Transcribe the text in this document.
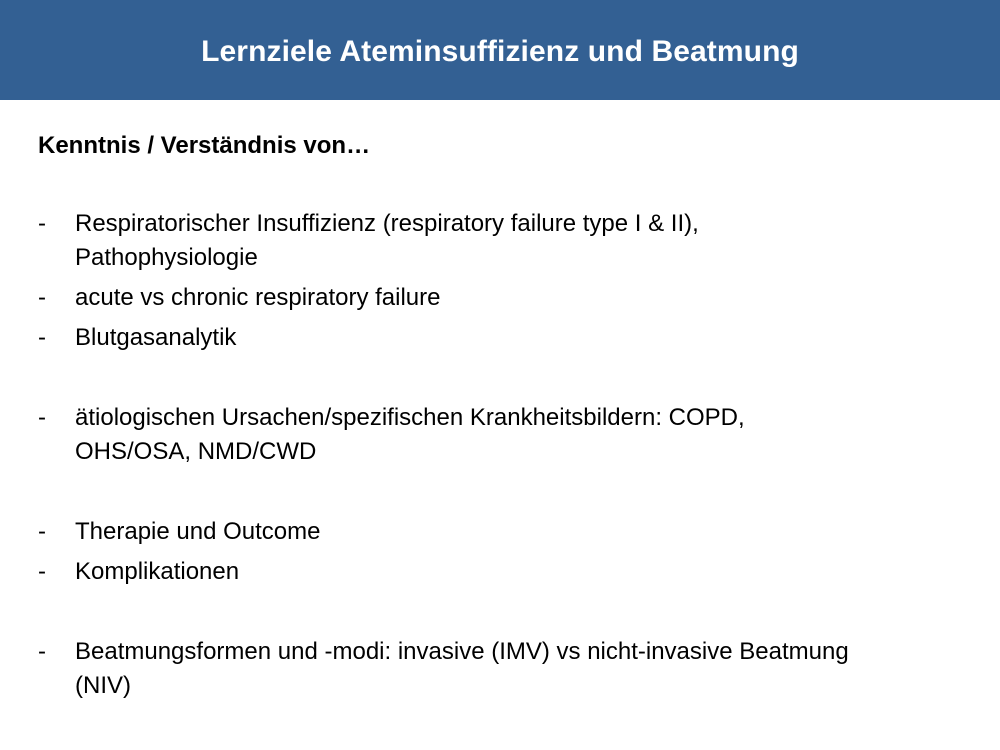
Lernziele Ateminsuffizienz und Beatmung

Kenntnis / Verständnis von…

- Respiratorischer Insuffizienz (respiratory failure type I & II), Pathophysiologie
- acute vs chronic respiratory failure
- Blutgasanalytik
- ätiologischen Ursachen/spezifischen Krankheitsbildern: COPD, OHS/OSA, NMD/CWD
- Therapie und Outcome
- Komplikationen
- Beatmungsformen und -modi: invasive (IMV) vs nicht-invasive Beatmung (NIV)
